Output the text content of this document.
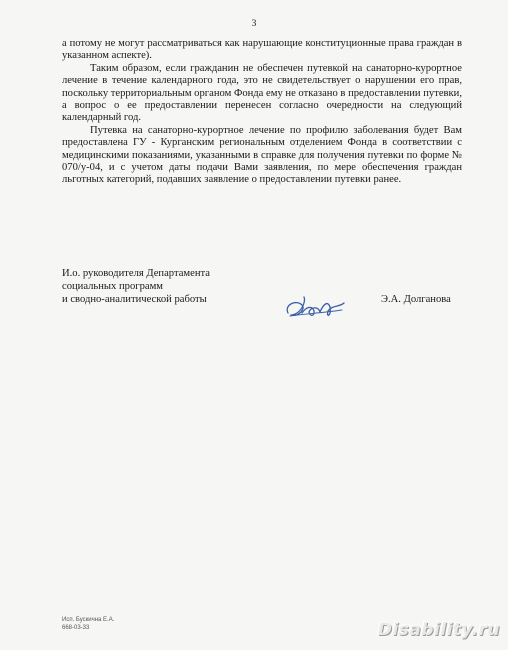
3

а потому не могут рассматриваться как нарушающие конституционные права граждан в указанном аспекте).

Таким образом, если гражданин не обеспечен путевкой на санаторно-курортное лечение в течение календарного года, это не свидетельствует о нарушении его прав, поскольку территориальным органом Фонда ему не отказано в предоставлении путевки, а вопрос о ее предоставлении перенесен согласно очередности на следующий календарный год.

Путевка на санаторно-курортное лечение по профилю заболевания будет Вам предоставлена ГУ - Курганским региональным отделением Фонда в соответствии с медицинскими показаниями, указанными в справке для получения путевки по форме № 070/у-04, и с учетом даты подачи Вами заявления, по мере обеспечения граждан льготных категорий, подавших заявление о предоставлении путевки ранее.

И.о. руководителя Департамента
социальных программ
и сводно-аналитической работы	Э.А. Долганова
Исп. Бускична Е.А.
668-03-33	Disability.ru
